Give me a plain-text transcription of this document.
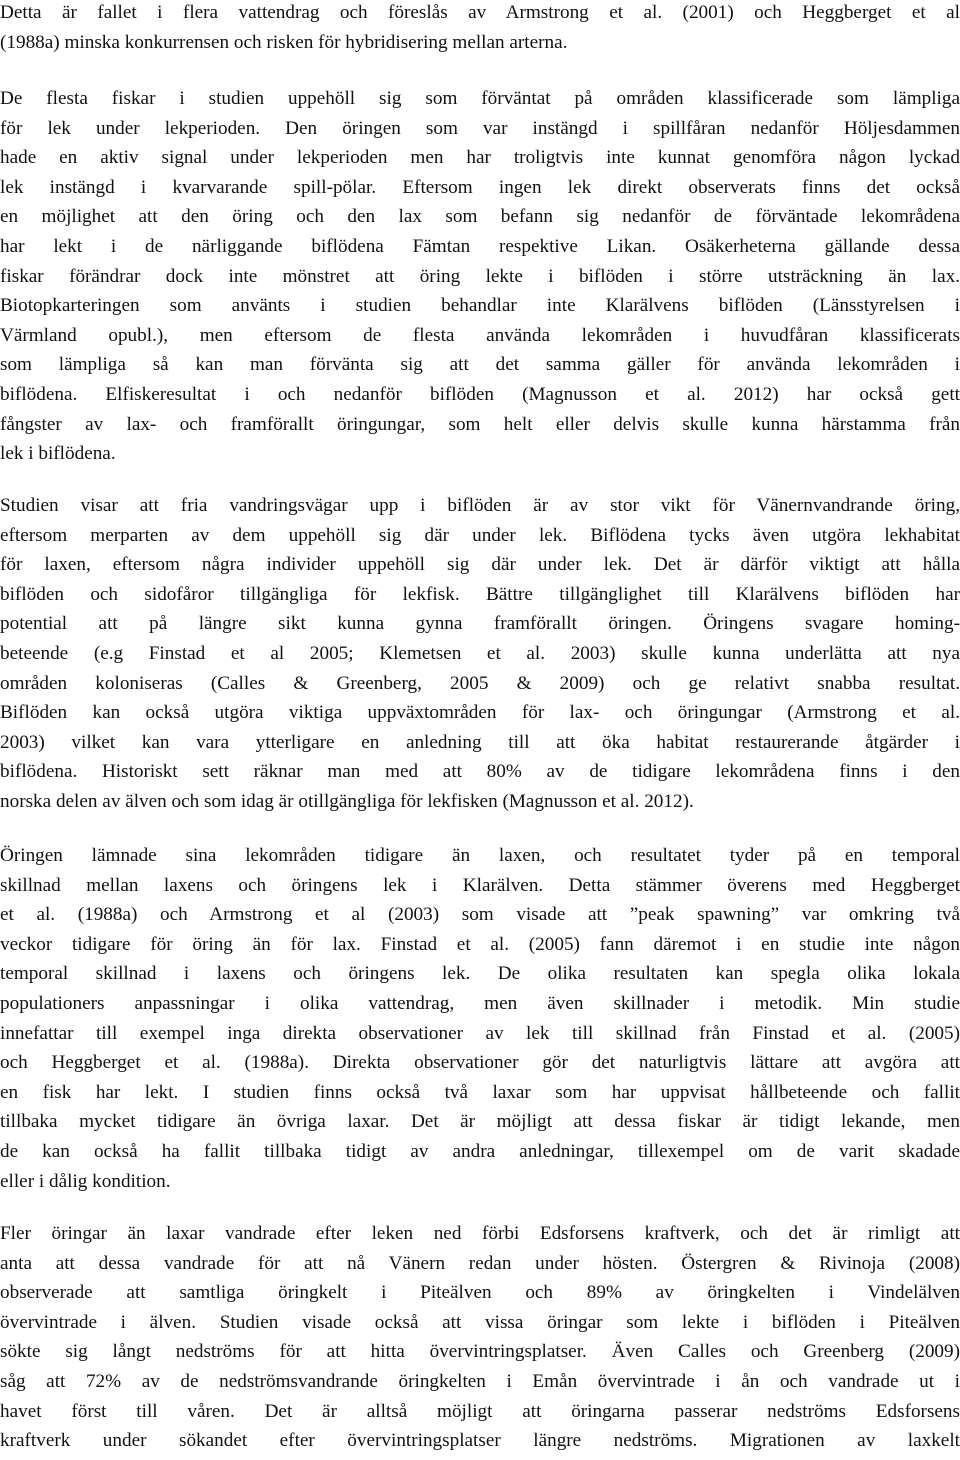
Detta är fallet i flera vattendrag och föreslås av Armstrong et al. (2001) och Heggberget et al
(1988a) minska konkurrensen och risken för hybridisering mellan arterna.
De flesta fiskar i studien uppehöll sig som förväntat på områden klassificerade som lämpliga
för lek under lekperioden. Den öringen som var instängd i spillfåran nedanför Höljesdammen
hade en aktiv signal under lekperioden men har troligtvis inte kunnat genomföra någon lyckad
lek instängd i kvarvarande spill-pölar. Eftersom ingen lek direkt observerats finns det också
en möjlighet att den öring och den lax som befann sig nedanför de förväntade lekområdena
har lekt i de närliggande biflödena Fämtan respektive Likan. Osäkerheterna gällande dessa
fiskar förändrar dock inte mönstret att öring lekte i biflöden i större utsträckning än lax.
Biotopkarteringen som använts i studien behandlar inte Klarälvens biflöden (Länsstyrelsen i
Värmland opubl.), men eftersom de flesta använda lekområden i huvudfåran klassificerats
som lämpliga så kan man förvänta sig att det samma gäller för använda lekområden i
biflödena. Elfiskeresultat i och nedanför biflöden (Magnusson et al. 2012) har också gett
fångster av lax- och framförallt öringungar, som helt eller delvis skulle kunna härstamma från
lek i biflödena.
Studien visar att fria vandringsvägar upp i biflöden är av stor vikt för Vänernvandrande öring,
eftersom merparten av dem uppehöll sig där under lek. Biflödena tycks även utgöra lekhabitat
för laxen, eftersom några individer uppehöll sig där under lek. Det är därför viktigt att hålla
biflöden och sidofåror tillgängliga för lekfisk. Bättre tillgänglighet till Klarälvens biflöden har
potential att på längre sikt kunna gynna framförallt öringen. Öringens svagare homing-
beteende (e.g Finstad et al 2005; Klemetsen et al. 2003) skulle kunna underlätta att nya
områden koloniseras (Calles & Greenberg, 2005 & 2009) och ge relativt snabba resultat.
Biflöden kan också utgöra viktiga uppväxtområden för lax- och öringungar (Armstrong et al.
2003) vilket kan vara ytterligare en anledning till att öka habitat restaurerande åtgärder i
biflödena. Historiskt sett räknar man med att 80% av de tidigare lekområdena finns i den
norska delen av älven och som idag är otillgängliga för lekfisken (Magnusson et al. 2012).
Öringen lämnade sina lekområden tidigare än laxen, och resultatet tyder på en temporal
skillnad mellan laxens och öringens lek i Klarälven. Detta stämmer överens med Heggberget
et al. (1988a) och Armstrong et al (2003) som visade att ”peak spawning” var omkring två
veckor tidigare för öring än för lax. Finstad et al. (2005) fann däremot i en studie inte någon
temporal skillnad i laxens och öringens lek. De olika resultaten kan spegla olika lokala
populationers anpassningar i olika vattendrag, men även skillnader i metodik. Min studie
innefattar till exempel inga direkta observationer av lek till skillnad från Finstad et al. (2005)
och Heggberget et al. (1988a). Direkta observationer gör det naturligtvis lättare att avgöra att
en fisk har lekt. I studien finns också två laxar som har uppvisat hållbeteende och fallit
tillbaka mycket tidigare än övriga laxar. Det är möjligt att dessa fiskar är tidigt lekande, men
de kan också ha fallit tillbaka tidigt av andra anledningar, tillexempel om de varit skadade
eller i dålig kondition.
Fler öringar än laxar vandrade efter leken ned förbi Edsforsens kraftverk, och det är rimligt att
anta att dessa vandrade för att nå Vänern redan under hösten. Östergren & Rivinoja (2008)
observerade att samtliga öringkelt i Piteälven och 89% av öringkelten i Vindelälven
övervintrade i älven. Studien visade också att vissa öringar som lekte i biflöden i Piteälven
sökte sig långt nedströms för att hitta övervintringsplatser. Även Calles och Greenberg (2009)
såg att 72% av de nedströmsvandrande öringkelten i Emån övervintrade i ån och vandrade ut i
havet först till våren. Det är alltså möjligt att öringarna passerar nedströms Edsforsens
kraftverk under sökandet efter övervintringsplatser längre nedströms. Migrationen av laxkelt
